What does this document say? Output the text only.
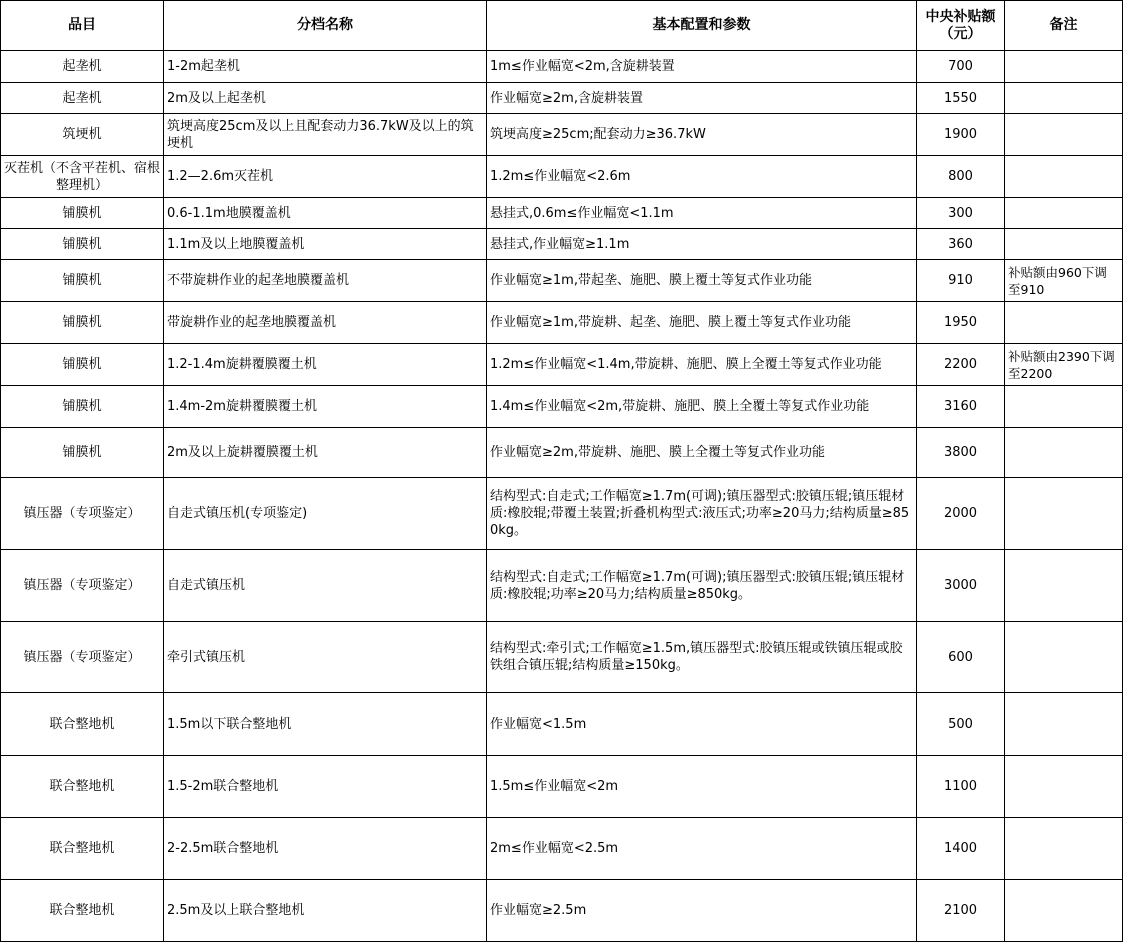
品目	分档名称	基本配置和参数	中央补贴额（元）	备注
起垄机	1-2m起垄机	1m≤作业幅宽<2m,含旋耕装置	700	
起垄机	2m及以上起垄机	作业幅宽≥2m,含旋耕装置	1550	
筑埂机	筑埂高度25cm及以上且配套动力36.7kW及以上的筑埂机	筑埂高度≥25cm;配套动力≥36.7kW	1900	
灭茬机（不含平茬机、宿根整理机）	1.2—2.6m灭茬机	1.2m≤作业幅宽<2.6m	800	
铺膜机	0.6-1.1m地膜覆盖机	悬挂式,0.6m≤作业幅宽<1.1m	300	
铺膜机	1.1m及以上地膜覆盖机	悬挂式,作业幅宽≥1.1m	360	
铺膜机	不带旋耕作业的起垄地膜覆盖机	作业幅宽≥1m,带起垄、施肥、膜上覆土等复式作业功能	910	补贴额由960下调至910
铺膜机	带旋耕作业的起垄地膜覆盖机	作业幅宽≥1m,带旋耕、起垄、施肥、膜上覆土等复式作业功能	1950	
铺膜机	1.2-1.4m旋耕覆膜覆土机	1.2m≤作业幅宽<1.4m,带旋耕、施肥、膜上全覆土等复式作业功能	2200	补贴额由2390下调至2200
铺膜机	1.4m-2m旋耕覆膜覆土机	1.4m≤作业幅宽<2m,带旋耕、施肥、膜上全覆土等复式作业功能	3160	
铺膜机	2m及以上旋耕覆膜覆土机	作业幅宽≥2m,带旋耕、施肥、膜上全覆土等复式作业功能	3800	
镇压器（专项鉴定）	自走式镇压机(专项鉴定)	结构型式:自走式;工作幅宽≥1.7m(可调);镇压器型式:胶镇压辊;镇压辊材质:橡胶辊;带覆土装置;折叠机构型式:液压式;功率≥20马力;结构质量≥850kg。	2000	
镇压器（专项鉴定）	自走式镇压机	结构型式:自走式;工作幅宽≥1.7m(可调);镇压器型式:胶镇压辊;镇压辊材质:橡胶辊;功率≥20马力;结构质量≥850kg。	3000	
镇压器（专项鉴定）	牵引式镇压机	结构型式:牵引式;工作幅宽≥1.5m,镇压器型式:胶镇压辊或铁镇压辊或胶铁组合镇压辊;结构质量≥150kg。	600	
联合整地机	1.5m以下联合整地机	作业幅宽<1.5m	500	
联合整地机	1.5-2m联合整地机	1.5m≤作业幅宽<2m	1100	
联合整地机	2-2.5m联合整地机	2m≤作业幅宽<2.5m	1400	
联合整地机	2.5m及以上联合整地机	作业幅宽≥2.5m	2100	
